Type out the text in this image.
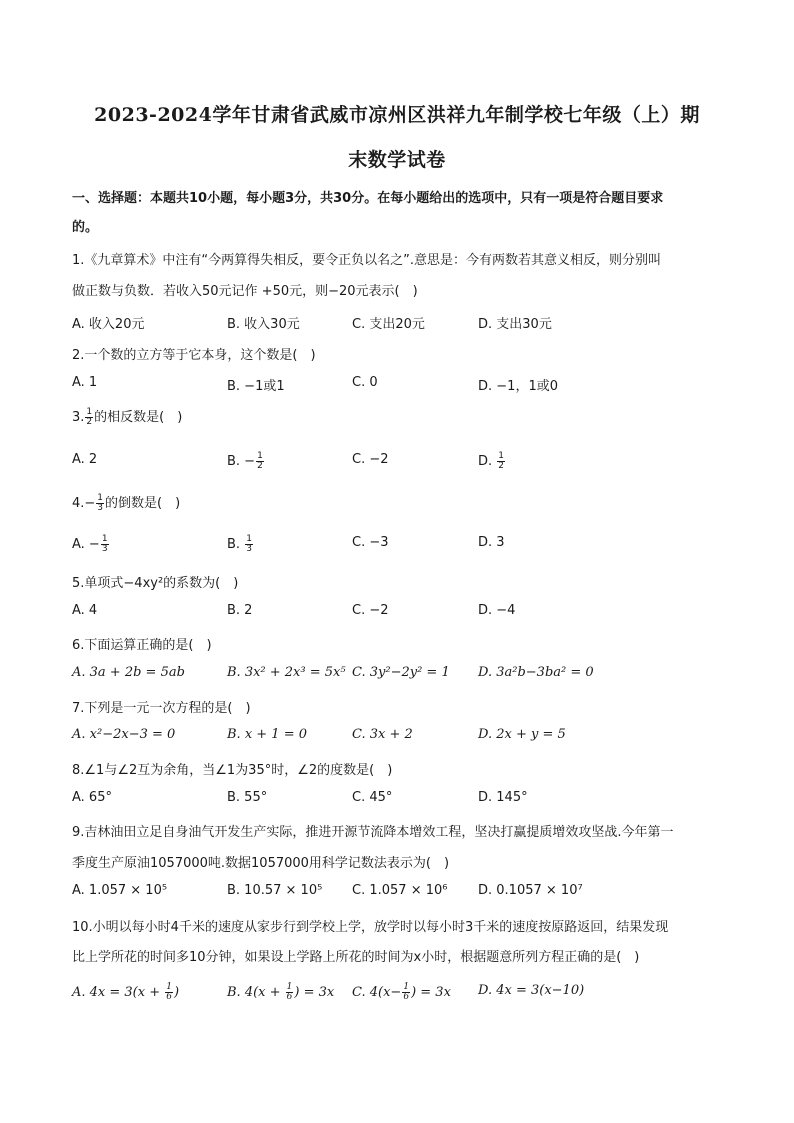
2023-2024学年甘肃省武威市凉州区洪祥九年制学校七年级（上）期
末数学试卷
一、选择题：本题共10小题，每小题3分，共30分。在每小题给出的选项中，只有一项是符合题目要求
的。
1.《九章算术》中注有“今两算得失相反，要令正负以名之”.意思是：今有两数若其意义相反，则分别叫
做正数与负数．若收入50元记作 +50元，则−20元表示(　)
A. 收入20元	B. 收入30元	C. 支出20元	D. 支出30元
2.一个数的立方等于它本身，这个数是(　)
A. 1	B. −1或1	C. 0	D. −1，1或0
3. $\frac{1}{2}$ 的相反数是(　)
A. 2	B. − $\frac{1}{2}$	C. −2	D. $\frac{1}{2}$
$4.- \frac{1}{3}$ 的倒数是(　)
A. − $\frac{1}{3}$	B. $\frac{1}{3}$	C. −3	D. 3
5.单项式−4xy²的系数为(　)
A. 4	B. 2	C. −2	D. −4
6.下面运算正确的是(　)
A. 3a + 2b = 5ab	B. 3x² + 2x³ = 5x⁵ C. 3y²−2y² = 1 D. 3a²b−3ba² = 0
7.下列是一元一次方程的是(　)
A. x²−2x−3 = 0	B. x + 1 = 0	C. 3x + 2	D. 2x + y = 5
8.∠1与∠2互为余角，当∠1为35°时，∠2的度数是(　)
A. 65°	B. 55°	C. 45°	D. 145°
9.吉林油田立足自身油气开发生产实际，推进开源节流降本增效工程，坚决打赢提质增效攻坚战.今年第一
季度生产原油1057000吨.数据1057000用科学记数法表示为(　)
A. 1.057 × 10⁵	B. 10.57 × 10⁵ C. 1.057 × 10⁶ D. 0.1057 × 10⁷
10.小明以每小时4千米的速度从家步行到学校上学，放学时以每小时3千米的速度按原路返回，结果发现
比上学所花的时间多10分钟，如果设上学路上所花的时间为x小时，根据题意所列方程正确的是(　)
A. $4x = 3(x + \frac{1}{6}$ )	B. $4(x + \frac{1}{6}$ ) = 3x C. $4(x- \frac{1}{6}$ ) = 3x D. 4x = 3(x−10)
